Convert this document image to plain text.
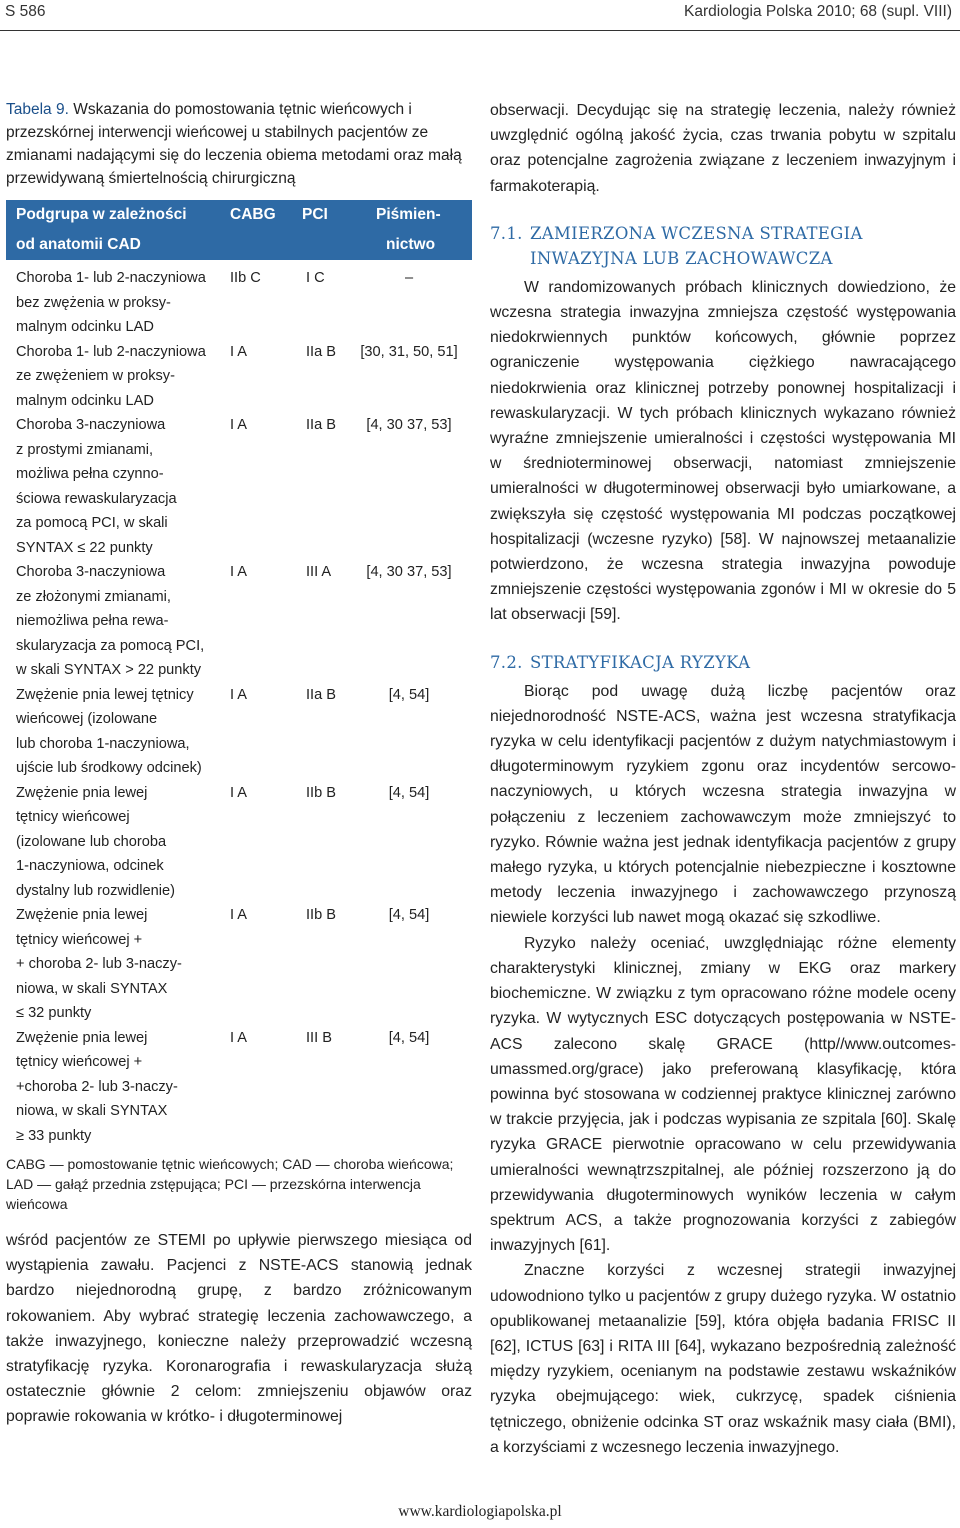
S 586	Kardiologia Polska 2010; 68 (supl. VIII)

Tabela 9. Wskazania do pomostowania tętnic wieńcowych i przezskórnej interwencji wieńcowej u stabilnych pacjentów ze zmianami nadającymi się do leczenia obiema metodami oraz małą przewidywaną śmiertelnością chirurgiczną

Podgrupa w zależności
od anatomii CAD
CABG PCI	Piśmien-
nictwo
Choroba 1- lub 2-naczyniowa
bez zwężenia w proksy-
malnym odcinku LAD
IIb C	I C	–
Choroba 1- lub 2-naczyniowa
ze zwężeniem w proksy-
malnym odcinku LAD
I A	IIa B	[30, 31, 50, 51]
Choroba 3-naczyniowa
z prostymi zmianami,
możliwa pełna czynno-
ściowa rewaskularyzacja
za pomocą PCI, w skali
SYNTAX ≤ 22 punkty
I A	IIa B	[4, 30 37, 53]
Choroba 3-naczyniowa
ze złożonymi zmianami,
niemożliwa pełna rewa-
skularyzacja za pomocą PCI,
w skali SYNTAX > 22 punkty
I A	III A	[4, 30 37, 53]
Zwężenie pnia lewej tętnicy
wieńcowej (izolowane
lub choroba 1-naczyniowa,
ujście lub środkowy odcinek)
I A	IIa B	[4, 54]
Zwężenie pnia lewej
tętnicy wieńcowej
(izolowane lub choroba
1-naczyniowa, odcinek
dystalny lub rozwidlenie)
I A	IIb B	[4, 54]
Zwężenie pnia lewej
tętnicy wieńcowej +
+ choroba 2- lub 3-naczy-
niowa, w skali SYNTAX
≤ 32 punkty
I A	IIb B	[4, 54]
Zwężenie pnia lewej
tętnicy wieńcowej +
+choroba 2- lub 3-naczy-
niowa, w skali SYNTAX
≥ 33 punkty
I A	III B	[4, 54]
CABG — pomostowanie tętnic wieńcowych; CAD — choroba wieńcowa; LAD — gałąź przednia zstępująca; PCI — przezskórna interwencja wieńcowa

wśród pacjentów ze STEMI po upływie pierwszego miesiąca od wystąpienia zawału. Pacjenci z NSTE-ACS stanowią jednak bardzo niejednorodną grupę, z bardzo zróżnicowanym rokowaniem. Aby wybrać strategię leczenia zachowawczego, a także inwazyjnego, konieczne należy przeprowadzić wczesną stratyfikację ryzyka. Koronarografia i rewaskularyzacja służą ostatecznie głównie 2 celom: zmniejszeniu objawów oraz poprawie rokowania w krótko- i długoterminowej

obserwacji. Decydując się na strategię leczenia, należy również uwzględnić ogólną jakość życia, czas trwania pobytu w szpitalu oraz potencjalne zagrożenia związane z leczeniem inwazyjnym i farmakoterapią.

7.1. ZAMIERZONA WCZESNA STRATEGIA
INWAZYJNA LUB ZACHOWAWCZA

W randomizowanych próbach klinicznych dowiedziono, że wczesna strategia inwazyjna zmniejsza częstość występowania niedokrwiennych punktów końcowych, głównie poprzez ograniczenie występowania ciężkiego nawracającego niedokrwienia oraz klinicznej potrzeby ponownej hospitalizacji i rewaskularyzacji. W tych próbach klinicznych wykazano również wyraźne zmniejszenie umieralności i częstości występowania MI w średnioterminowej obserwacji, natomiast zmniejszenie umieralności w długoterminowej obserwacji było umiarkowane, a zwiększyła się częstość występowania MI podczas początkowej hospitalizacji (wczesne ryzyko) [58]. W najnowszej metaanalizie potwierdzono, że wczesna strategia inwazyjna powoduje zmniejszenie częstości występowania zgonów i MI w okresie do 5 lat obserwacji [59].

7.2. STRATYFIKACJA RYZYKA

Biorąc pod uwagę dużą liczbę pacjentów oraz niejednorodność NSTE-ACS, ważna jest wczesna stratyfikacja ryzyka w celu identyfikacji pacjentów z dużym natychmiastowym i długoterminowym ryzykiem zgonu oraz incydentów sercowo-naczyniowych, u których wczesna strategia inwazyjna w połączeniu z leczeniem zachowawczym może zmniejszyć to ryzyko. Równie ważna jest jednak identyfikacja pacjentów z grupy małego ryzyka, u których potencjalnie niebezpieczne i kosztowne metody leczenia inwazyjnego i zachowawczego przynoszą niewiele korzyści lub nawet mogą okazać się szkodliwe.

Ryzyko należy oceniać, uwzględniając różne elementy charakterystyki klinicznej, zmiany w EKG oraz markery biochemiczne. W związku z tym opracowano różne modele oceny ryzyka. W wytycznych ESC dotyczących postępowania w NSTE-ACS zalecono skalę GRACE (http//www.outcomes-umassmed.org/grace) jako preferowaną klasyfikację, która powinna być stosowana w codziennej praktyce klinicznej zarówno w trakcie przyjęcia, jak i podczas wypisania ze szpitala [60]. Skalę ryzyka GRACE pierwotnie opracowano w celu przewidywania umieralności wewnątrzszpitalnej, ale później rozszerzono ją do przewidywania długoterminowych wyników leczenia w całym spektrum ACS, a także prognozowania korzyści z zabiegów inwazyjnych [61].

Znaczne korzyści z wczesnej strategii inwazyjnej udowodniono tylko u pacjentów z grupy dużego ryzyka. W ostatnio opublikowanej metaanalizie [59], która objęła badania FRISC II [62], ICTUS [63] i RITA III [64], wykazano bezpośrednią zależność między ryzykiem, ocenianym na podstawie zestawu wskaźników ryzyka obejmującego: wiek, cukrzycę, spadek ciśnienia tętniczego, obniżenie odcinka ST oraz wskaźnik masy ciała (BMI), a korzyściami z wczesnego leczenia inwazyjnego.

www.kardiologiapolska.pl
